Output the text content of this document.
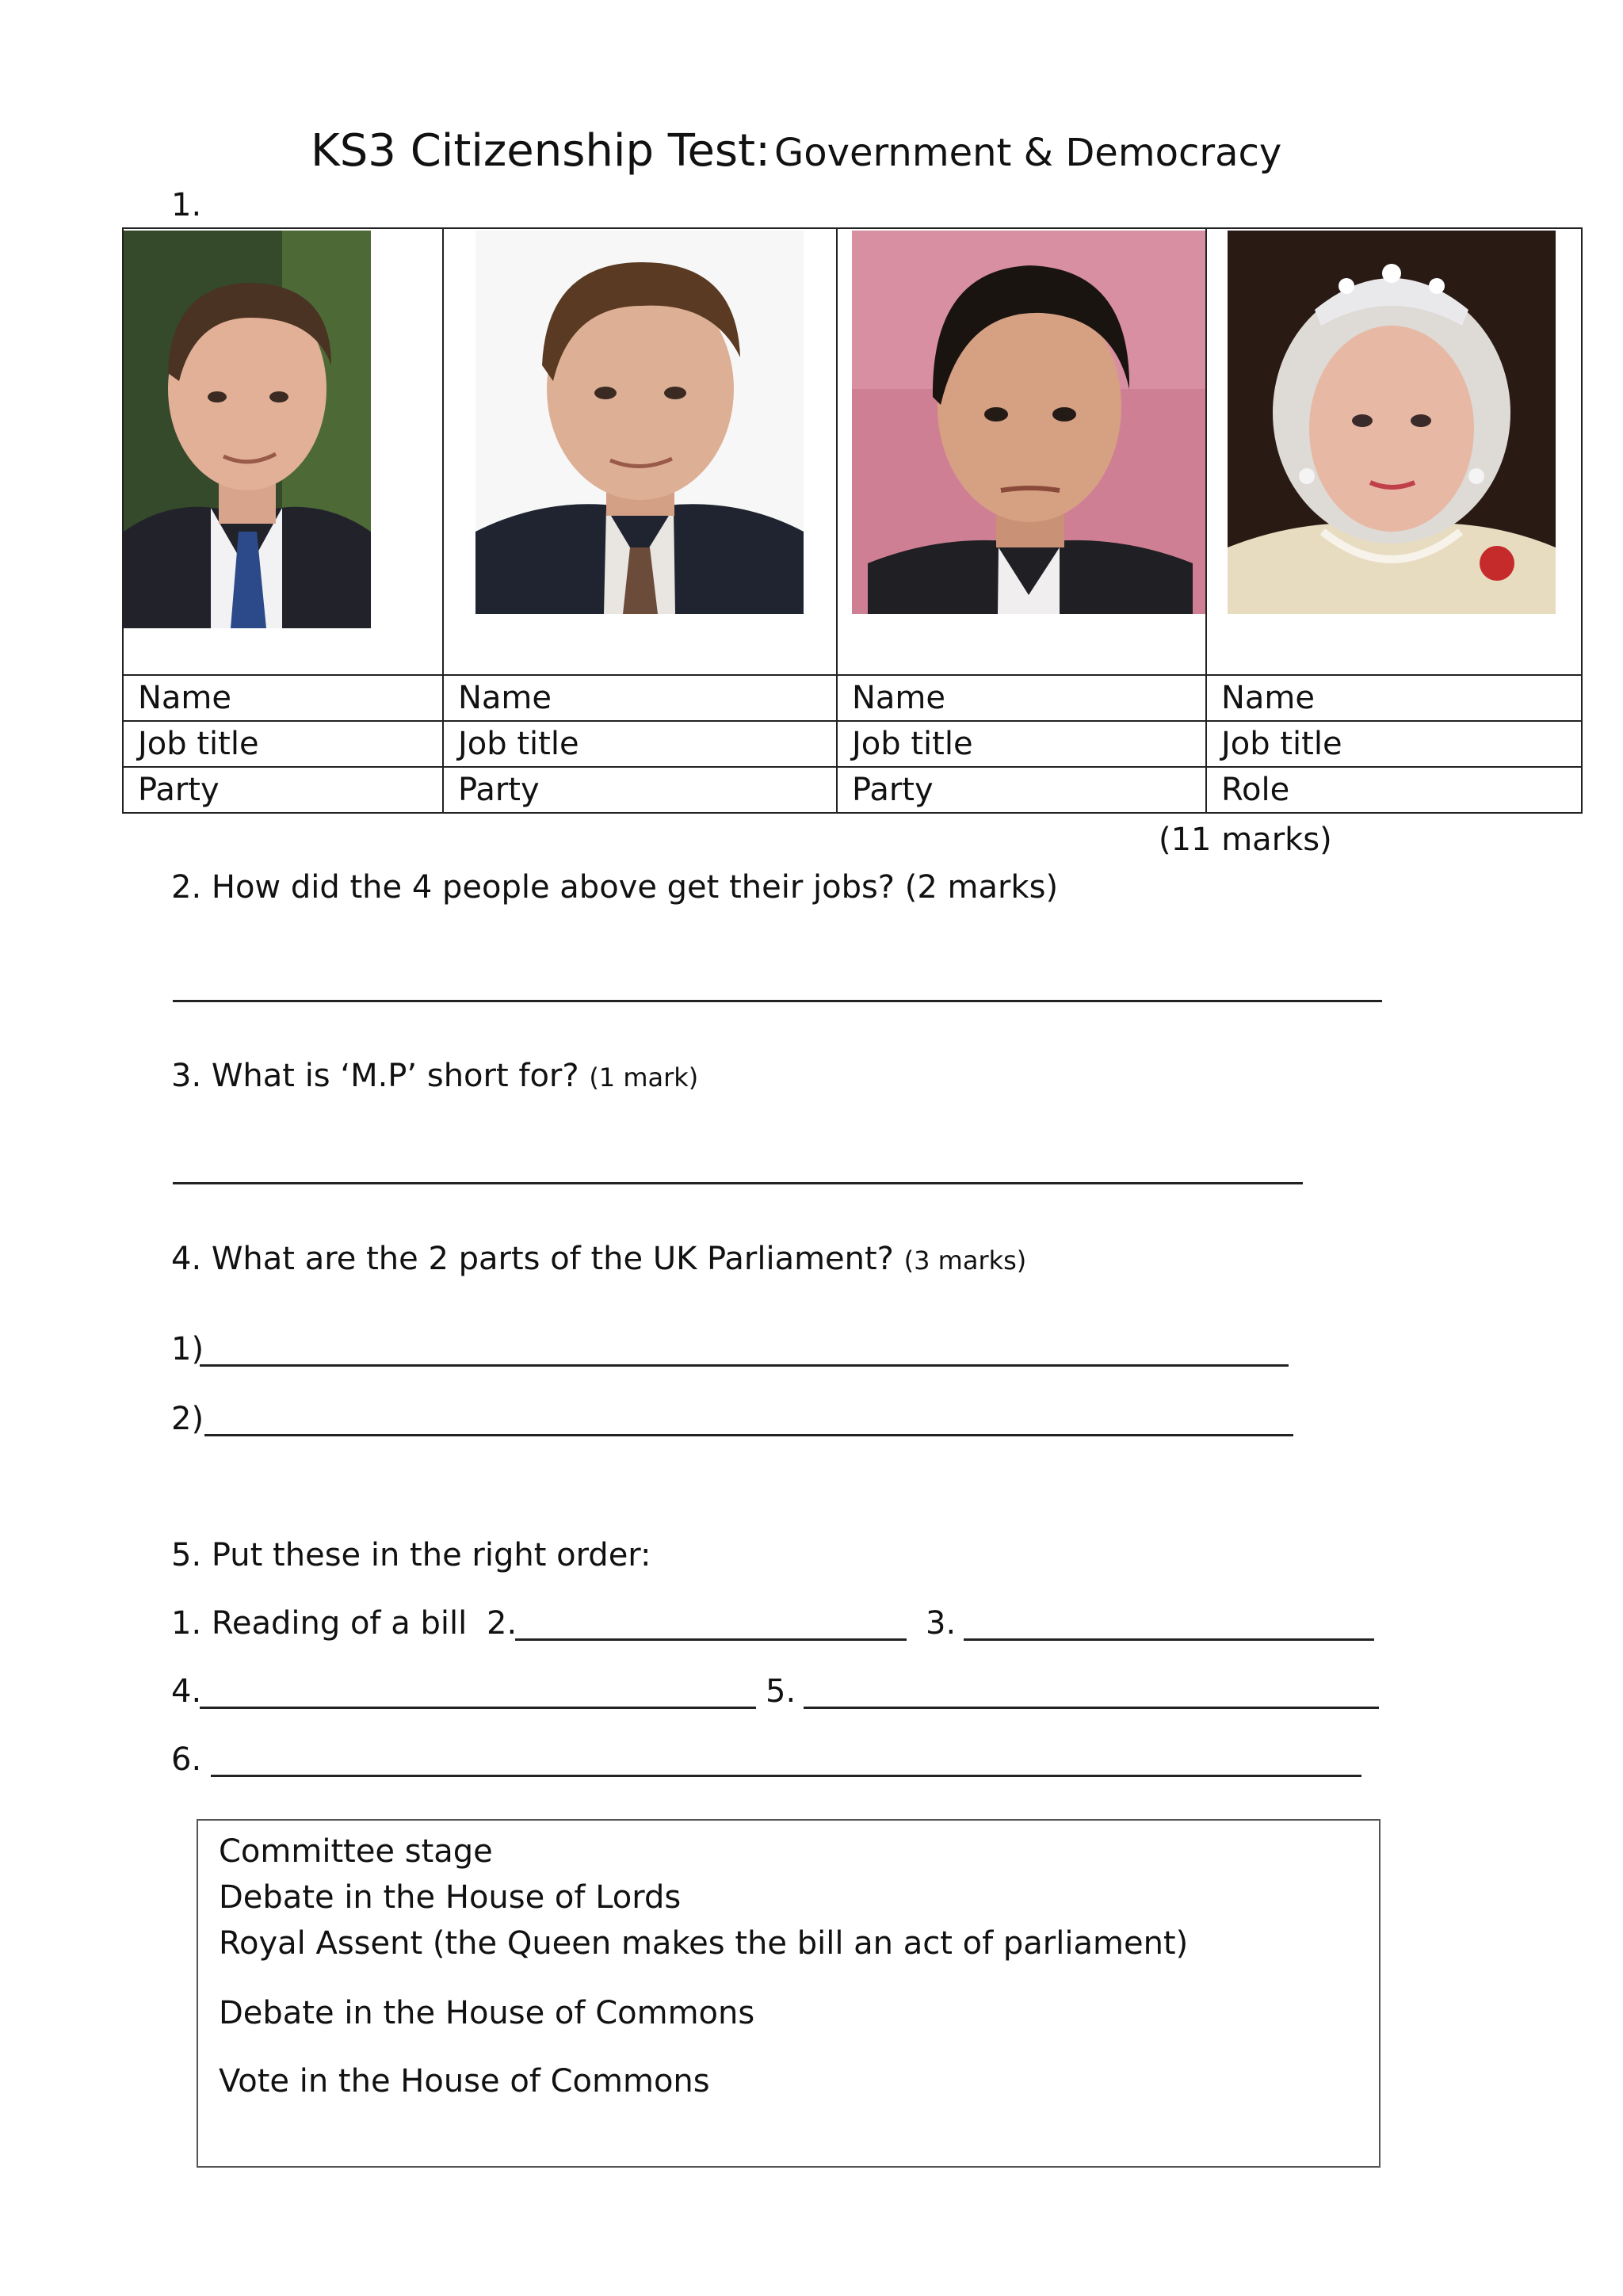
KS3 Citizenship Test: Government & Democracy
1.

Name	Name	Name	Name
Job title	Job title	Job title	Job title
Party	Party	Party	Role
(11 marks)
2. How did the 4 people above get their jobs? (2 marks)
3. What is ‘M.P’ short for? (1 mark)
4. What are the 2 parts of the UK Parliament? (3 marks)
1)
2)
5. Put these in the right order:
1. Reading of a bill 2.	3.
4.	5.
6.
Committee stage
Debate in the House of Lords
Royal Assent (the Queen makes the bill an act of parliament)
Debate in the House of Commons
Vote in the House of Commons
